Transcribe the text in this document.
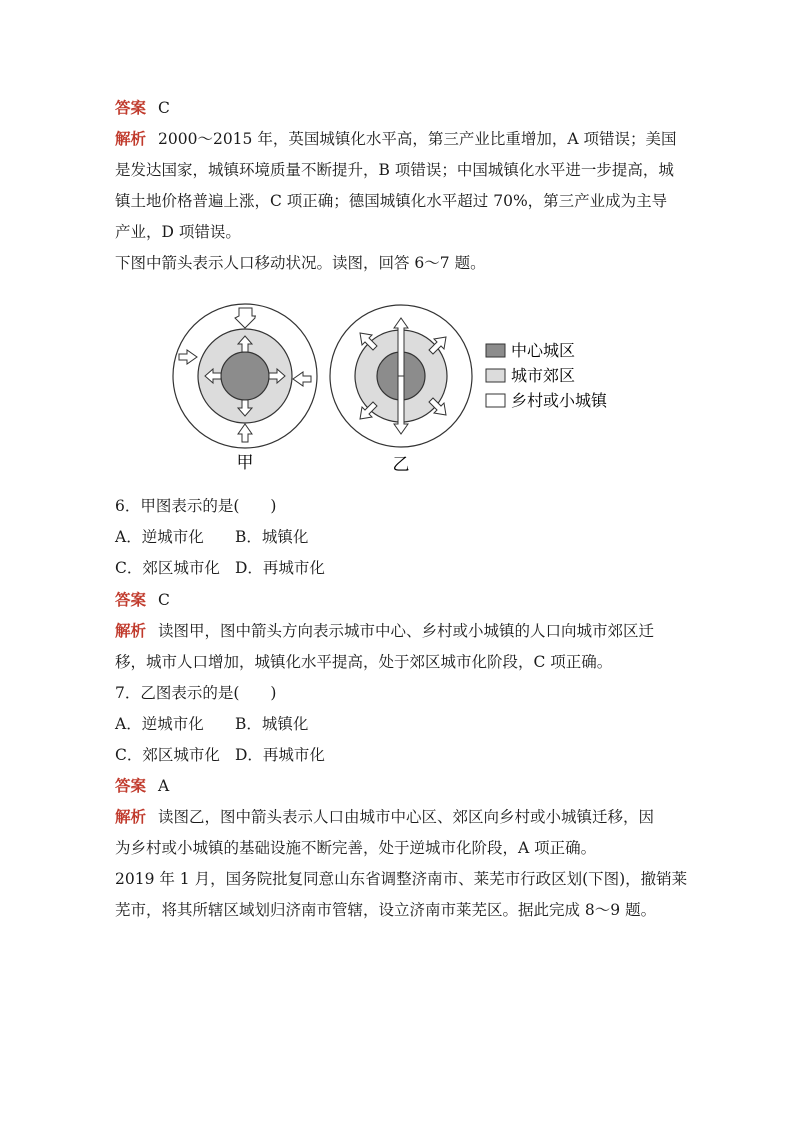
答案 C
解析 2000～2015 年，英国城镇化水平高，第三产业比重增加，A 项错误；美国
是发达国家，城镇环境质量不断提升，B 项错误；中国城镇化水平进一步提高，城
镇土地价格普遍上涨，C 项正确；德国城镇化水平超过 70%，第三产业成为主导
产业，D 项错误。
下图中箭头表示人口移动状况。读图，回答 6～7 题。
甲	乙
中心城区
城市郊区
乡村或小城镇
6．甲图表示的是(　　)
A．逆城市化 B．城镇化
C．郊区城市化 D．再城市化
答案 C
解析 读图甲，图中箭头方向表示城市中心、乡村或小城镇的人口向城市郊区迁
移，城市人口增加，城镇化水平提高，处于郊区城市化阶段，C 项正确。
7．乙图表示的是(　　)
A．逆城市化 B．城镇化
C．郊区城市化 D．再城市化
答案 A
解析 读图乙，图中箭头表示人口由城市中心区、郊区向乡村或小城镇迁移，因
为乡村或小城镇的基础设施不断完善，处于逆城市化阶段，A 项正确。
2019 年 1 月，国务院批复同意山东省调整济南市、莱芜市行政区划(下图)，撤销莱
芜市，将其所辖区域划归济南市管辖，设立济南市莱芜区。据此完成 8～9 题。
